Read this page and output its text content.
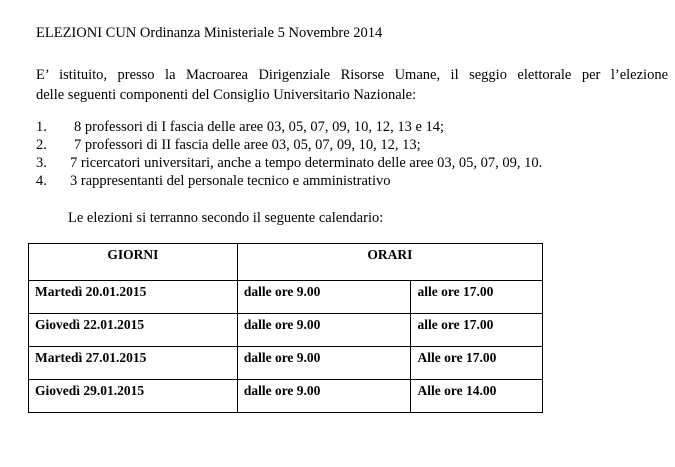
ELEZIONI CUN Ordinanza Ministeriale 5 Novembre 2014
E’ istituito, presso la Macroarea Dirigenziale Risorse Umane, il seggio elettorale per l’elezione
delle seguenti componenti del Consiglio Universitario Nazionale:
1. 8 professori di I fascia delle aree 03, 05, 07, 09, 10, 12, 13 e 14;
2. 7 professori di II fascia delle aree 03, 05, 07, 09, 10, 12, 13;
3. 7 ricercatori universitari, anche a tempo determinato delle aree 03, 05, 07, 09, 10.
4. 3 rappresentanti del personale tecnico e amministrativo
Le elezioni si terranno secondo il seguente calendario:
GIORNI	ORARI	
Martedì 20.01.2015	dalle ore 9.00	alle ore 17.00
Giovedì 22.01.2015	dalle ore 9.00	alle ore 17.00
Martedì 27.01.2015	dalle ore 9.00	Alle ore 17.00
Giovedì 29.01.2015	dalle ore 9.00	Alle ore 14.00
